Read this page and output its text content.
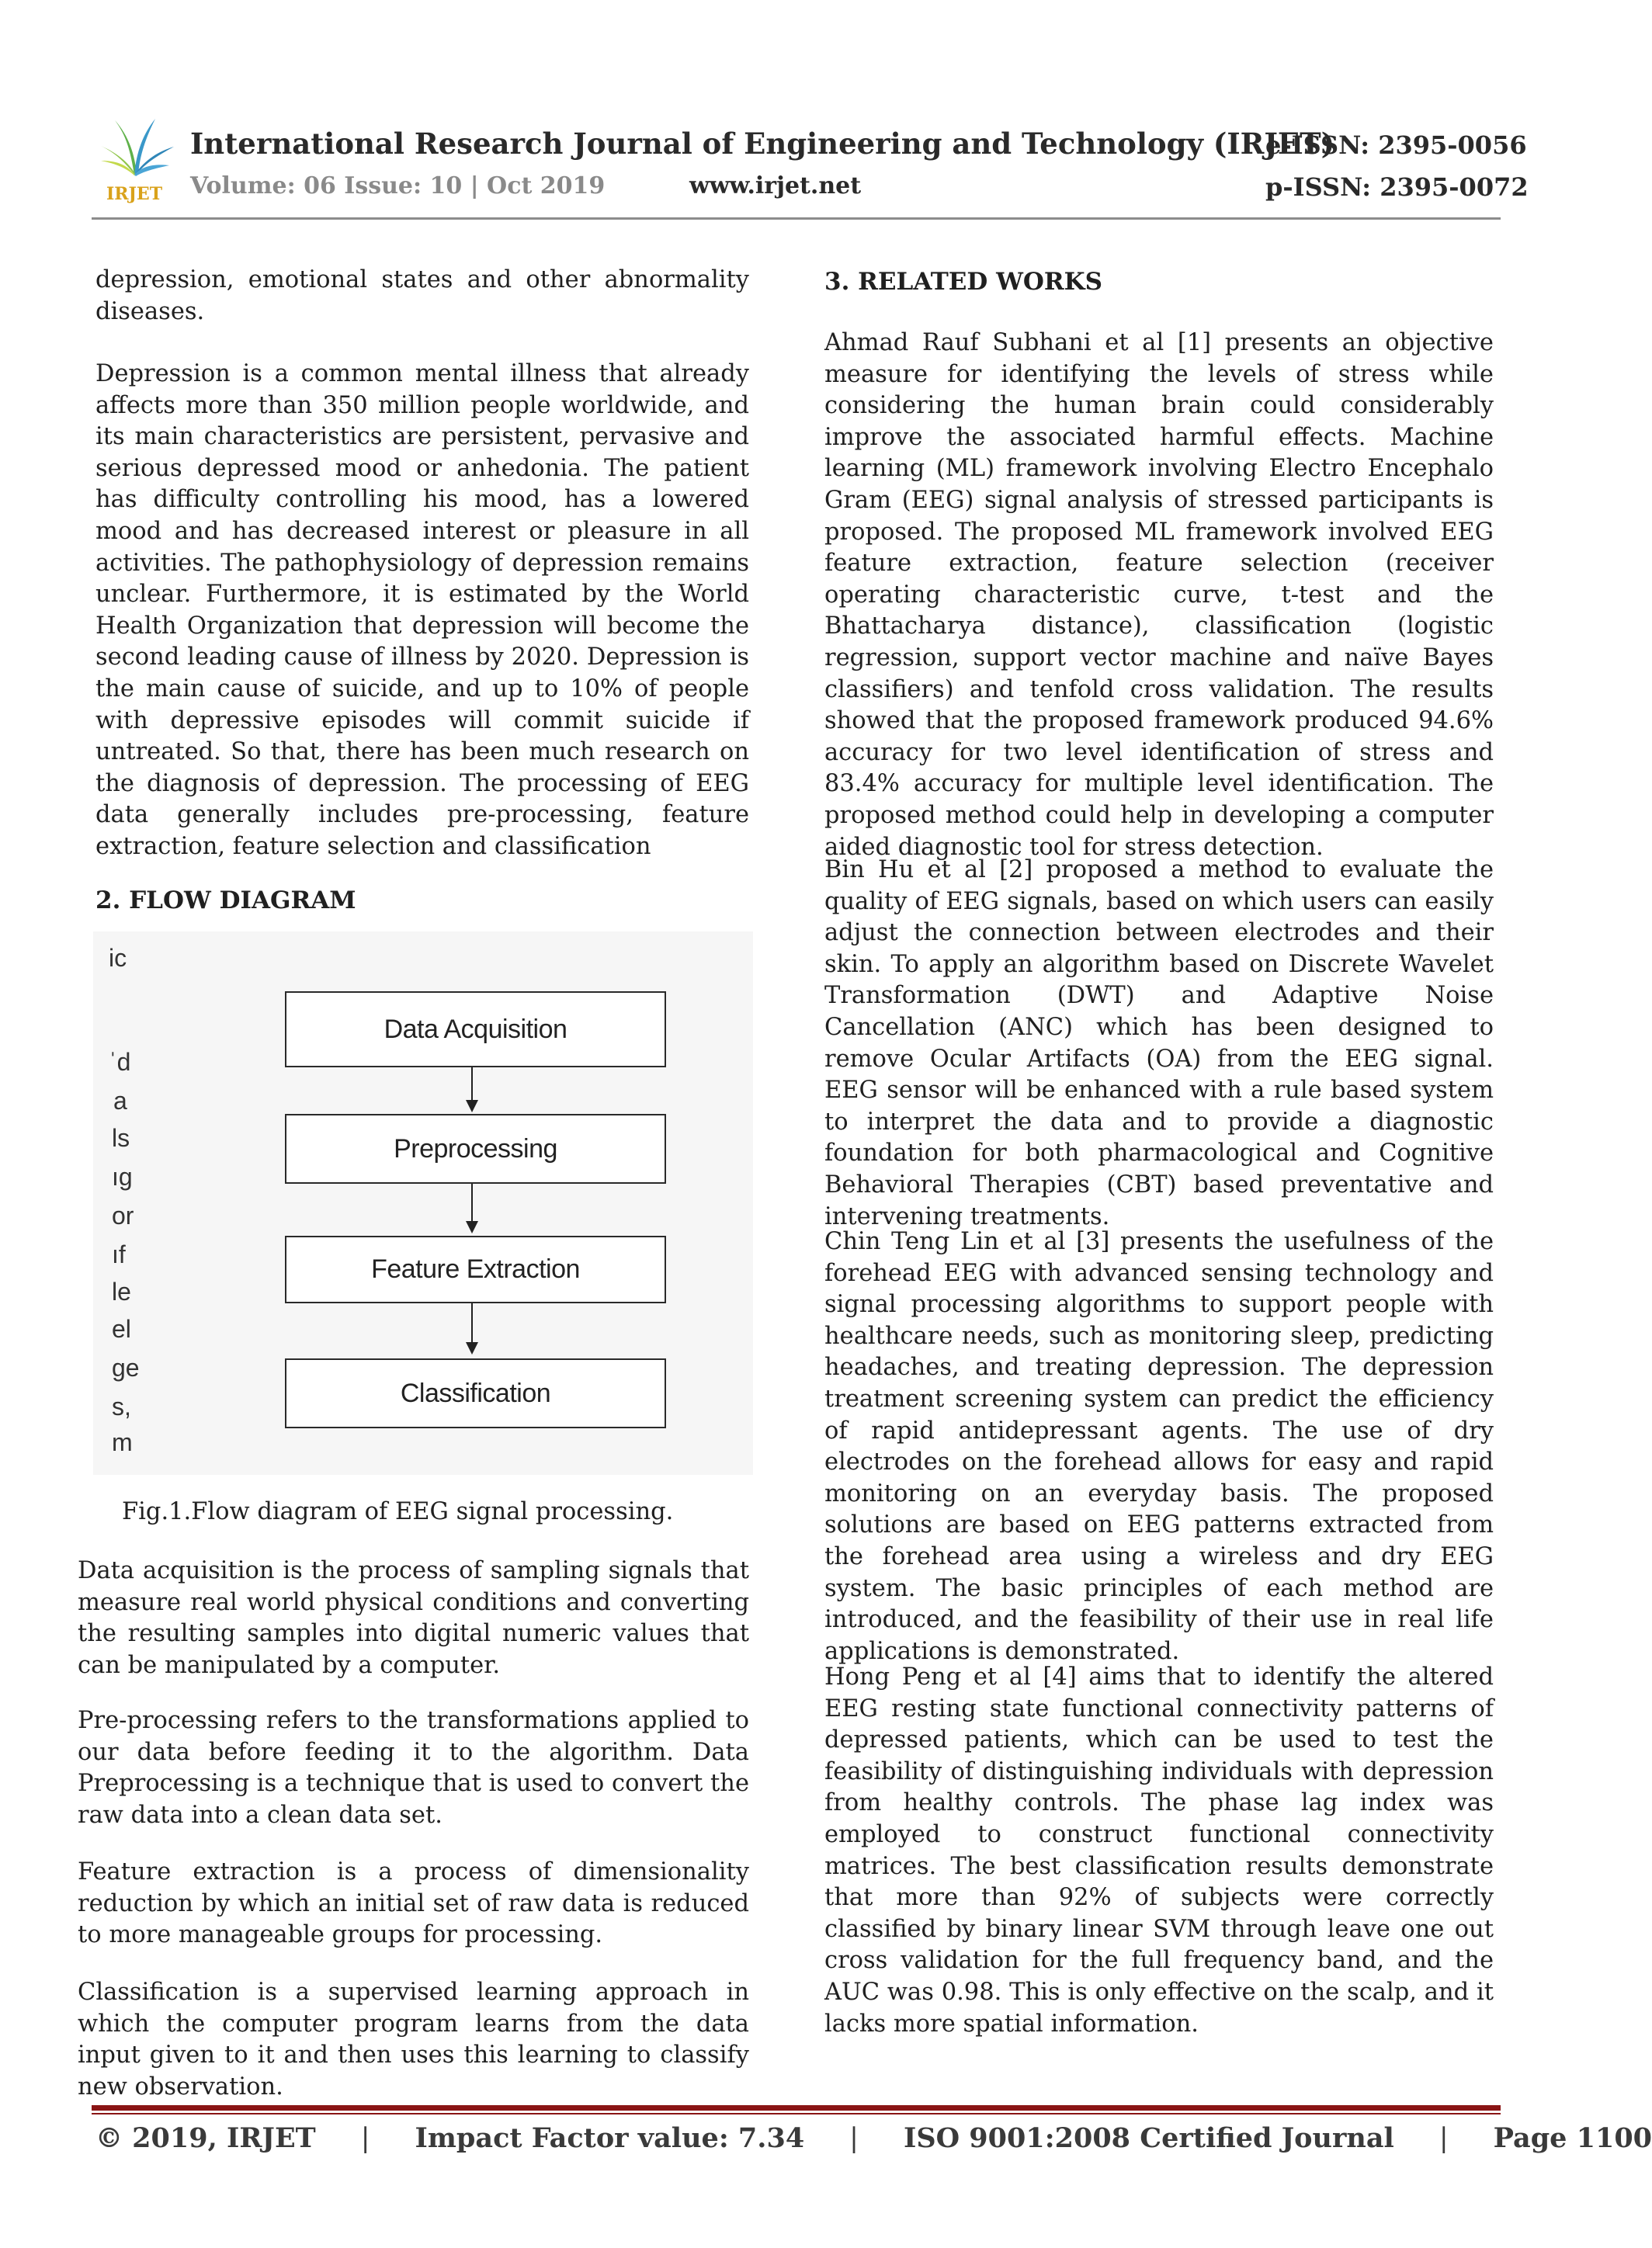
IRJET
International Research Journal of Engineering and Technology (IRJET)
e-ISSN: 2395-0056
Volume: 06 Issue: 10 | Oct 2019	www.irjet.net	p-ISSN: 2395-0072

depression, emotional states and other abnormality diseases.

Depression is a common mental illness that already affects more than 350 million people worldwide, and its main characteristics are persistent, pervasive and serious depressed mood or anhedonia. The patient has difficulty controlling his mood, has a lowered mood and has decreased interest or pleasure in all activities. The pathophysiology of depression remains unclear. Furthermore, it is estimated by the World Health Organization that depression will become the second leading cause of illness by 2020. Depression is the main cause of suicide, and up to 10% of people with depressive episodes will commit suicide if untreated. So that, there has been much research on the diagnosis of depression. The processing of EEG data generally includes pre-processing, feature extraction, feature selection and classification

2. FLOW DIAGRAM
ic
ˈd
a
ls
ıg
or
ıf
le
el
ge
s,
m
Data Acquisition
Preprocessing
Feature Extraction
Classification
Fig.1.Flow diagram of EEG signal processing.

Data acquisition is the process of sampling signals that measure real world physical conditions and converting the resulting samples into digital numeric values that can be manipulated by a computer.

Pre-processing refers to the transformations applied to our data before feeding it to the algorithm. Data Preprocessing is a technique that is used to convert the raw data into a clean data set.

Feature extraction is a process of dimensionality reduction by which an initial set of raw data is reduced to more manageable groups for processing.

Classification is a supervised learning approach in which the computer program learns from the data input given to it and then uses this learning to classify new observation.

3. RELATED WORKS

Ahmad Rauf Subhani et al [1] presents an objective measure for identifying the levels of stress while considering the human brain could considerably improve the associated harmful effects. Machine learning (ML) framework involving Electro Encephalo Gram (EEG) signal analysis of stressed participants is proposed. The proposed ML framework involved EEG feature extraction, feature selection (receiver operating characteristic curve, t-test and the Bhattacharya distance), classification (logistic regression, support vector machine and naïve Bayes classifiers) and tenfold cross validation. The results showed that the proposed framework produced 94.6% accuracy for two level identification of stress and 83.4% accuracy for multiple level identification. The proposed method could help in developing a computer aided diagnostic tool for stress detection.

Bin Hu et al [2] proposed a method to evaluate the quality of EEG signals, based on which users can easily adjust the connection between electrodes and their skin. To apply an algorithm based on Discrete Wavelet Transformation (DWT) and Adaptive Noise Cancellation (ANC) which has been designed to remove Ocular Artifacts (OA) from the EEG signal. EEG sensor will be enhanced with a rule based system to interpret the data and to provide a diagnostic foundation for both pharmacological and Cognitive Behavioral Therapies (CBT) based preventative and intervening treatments.

Chin Teng Lin et al [3] presents the usefulness of the forehead EEG with advanced sensing technology and signal processing algorithms to support people with healthcare needs, such as monitoring sleep, predicting headaches, and treating depression. The depression treatment screening system can predict the efficiency of rapid antidepressant agents. The use of dry electrodes on the forehead allows for easy and rapid monitoring on an everyday basis. The proposed solutions are based on EEG patterns extracted from the forehead area using a wireless and dry EEG system. The basic principles of each method are introduced, and the feasibility of their use in real life applications is demonstrated.

Hong Peng et al [4] aims that to identify the altered EEG resting state functional connectivity patterns of depressed patients, which can be used to test the feasibility of distinguishing individuals with depression from healthy controls. The phase lag index was employed to construct functional connectivity matrices. The best classification results demonstrate that more than 92% of subjects were correctly classified by binary linear SVM through leave one out cross validation for the full frequency band, and the AUC was 0.98. This is only effective on the scalp, and it lacks more spatial information.

© 2019, IRJET | Impact Factor value: 7.34 | ISO 9001:2008 Certified Journal | Page 1100
